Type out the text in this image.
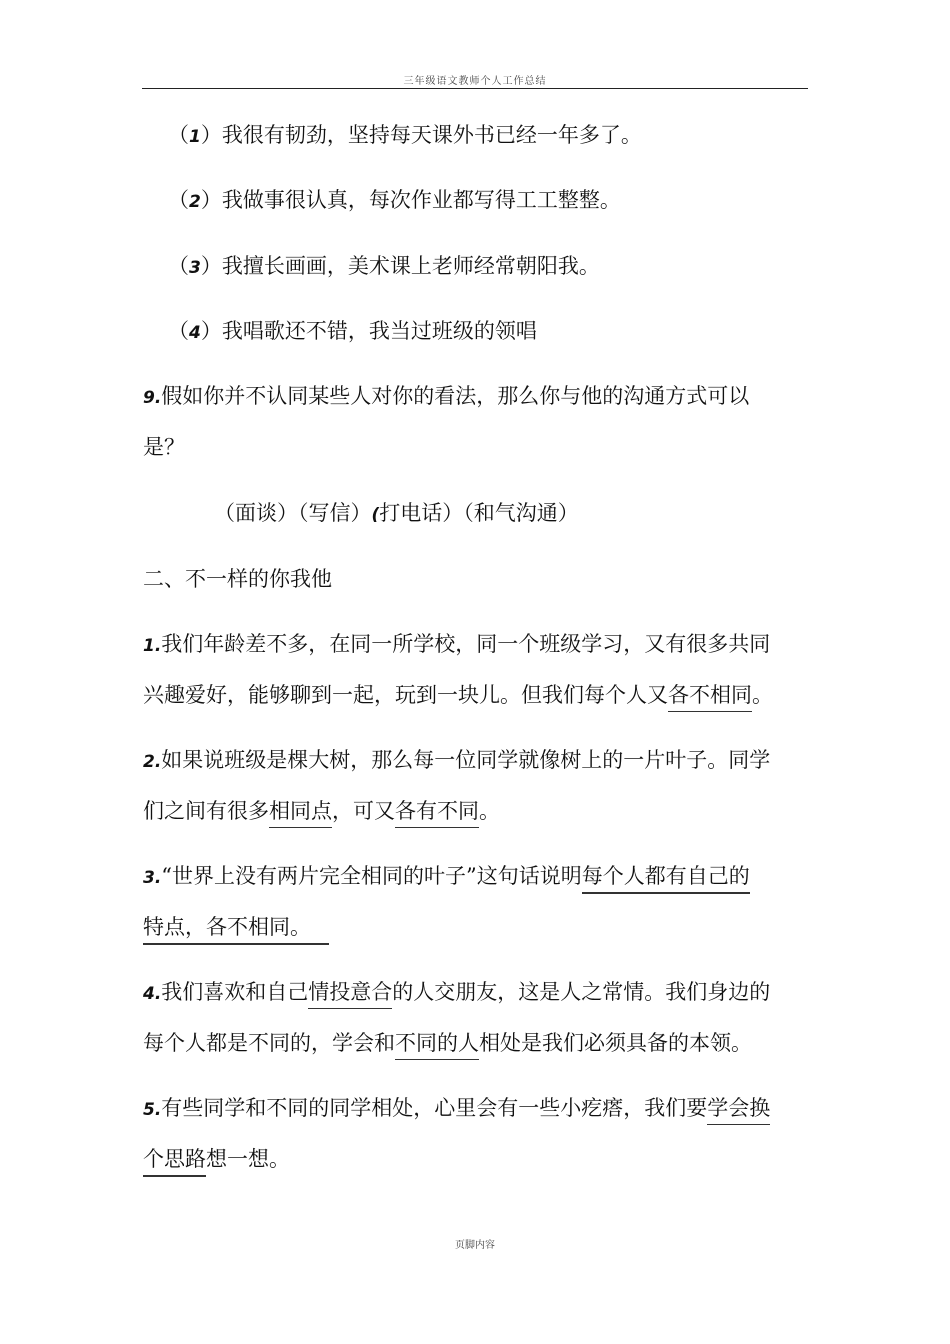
三年级语文教师个人工作总结
（1）我很有韧劲，坚持每天课外书已经一年多了。
（2）我做事很认真，每次作业都写得工工整整。
（3）我擅长画画，美术课上老师经常朝阳我。
（4）我唱歌还不错，我当过班级的领唱
9.假如你并不认同某些人对你的看法，那么你与他的沟通方式可以
是？
（面谈）（写信）(打电话）（和气沟通）
二、不一样的你我他
1.我们年龄差不多，在同一所学校，同一个班级学习，又有很多共同
兴趣爱好，能够聊到一起，玩到一块儿。但我们每个人又各不相同。
2.如果说班级是棵大树，那么每一位同学就像树上的一片叶子。同学
们之间有很多相同点，可又各有不同。
3.“世界上没有两片完全相同的叶子”这句话说明每个人都有自己的
特点，各不相同。
4.我们喜欢和自己情投意合的人交朋友，这是人之常情。我们身边的
每个人都是不同的，学会和不同的人相处是我们必须具备的本领。
5.有些同学和不同的同学相处，心里会有一些小疙瘩，我们要学会换
个思路想一想。
页脚内容
